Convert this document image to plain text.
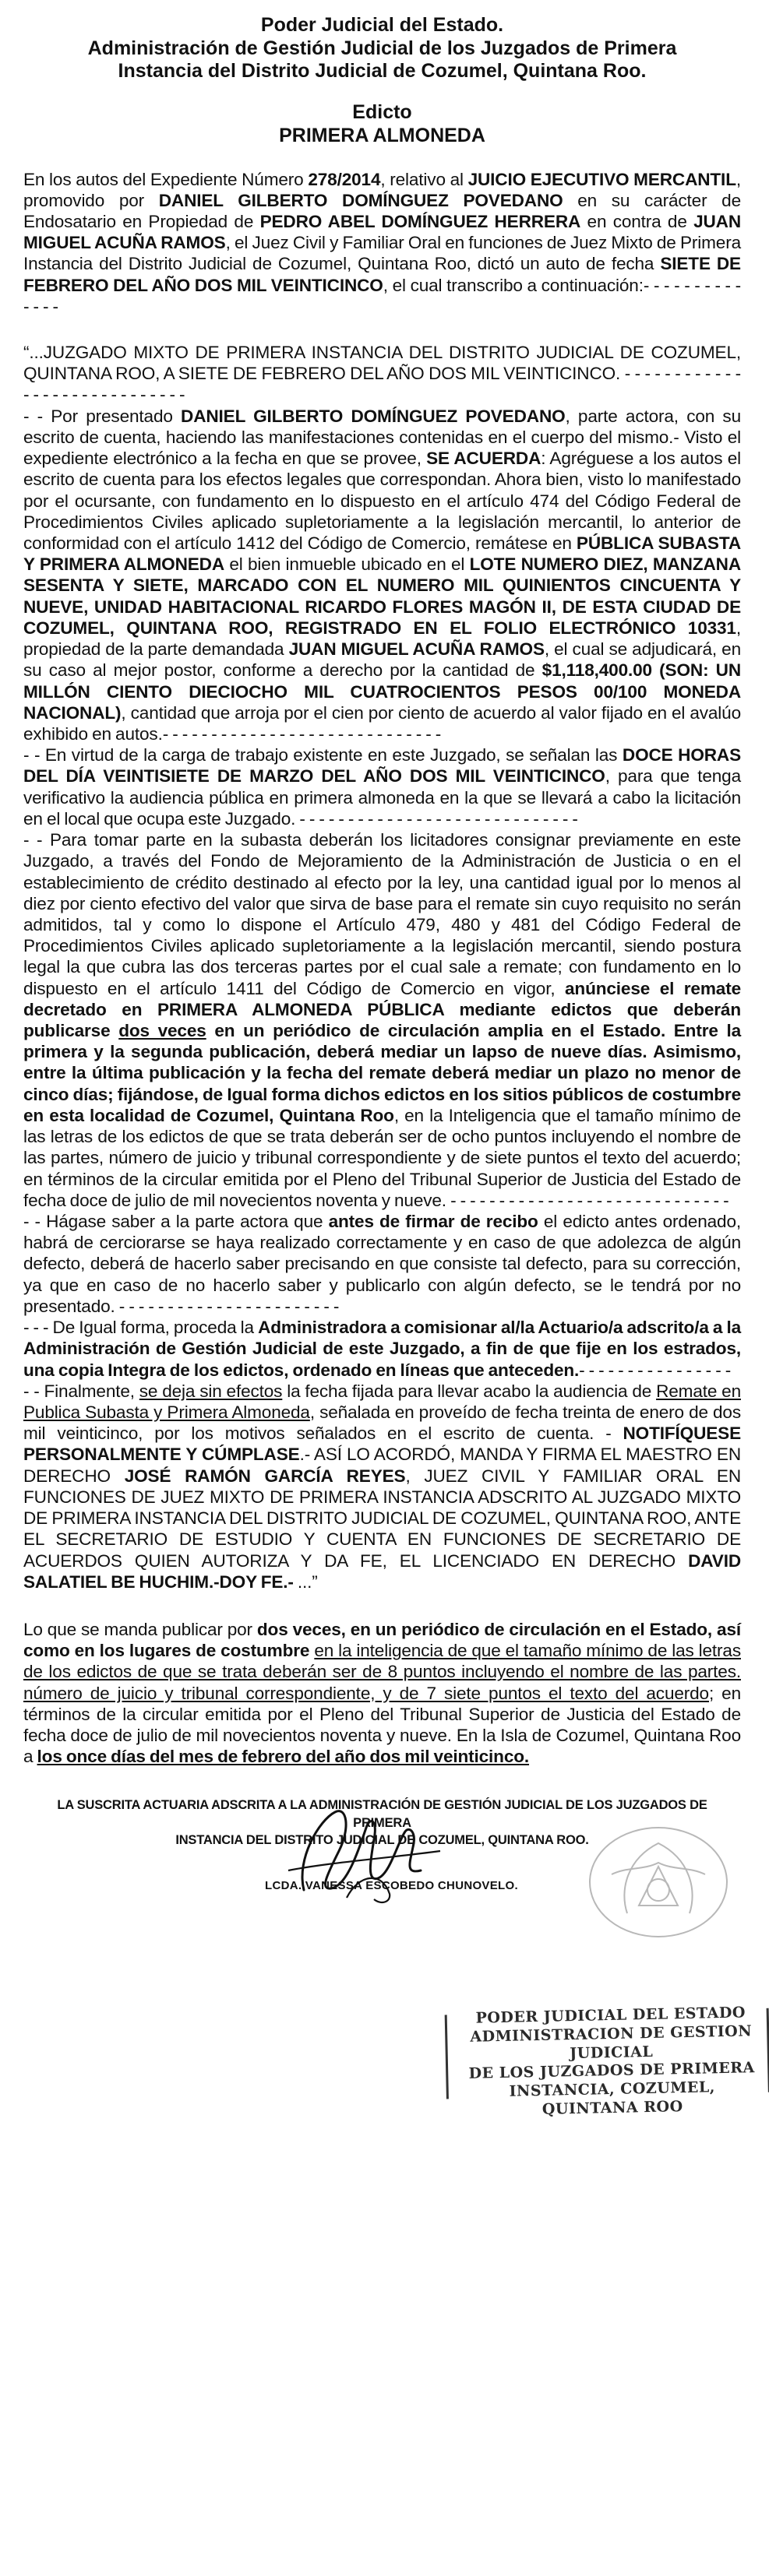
Poder Judicial del Estado.
Administración de Gestión Judicial de los Juzgados de Primera
Instancia del Distrito Judicial de Cozumel, Quintana Roo.
Edicto
PRIMERA ALMONEDA

En los autos del Expediente Número 278/2014, relativo al JUICIO EJECUTIVO MERCANTIL, promovido por DANIEL GILBERTO DOMÍNGUEZ POVEDANO en su carácter de Endosatario en Propiedad de PEDRO ABEL DOMÍNGUEZ HERRERA en contra de JUAN MIGUEL ACUÑA RAMOS, el Juez Civil y Familiar Oral en funciones de Juez Mixto de Primera Instancia del Distrito Judicial de Cozumel, Quintana Roo, dictó un auto de fecha SIETE DE FEBRERO DEL AÑO DOS MIL VEINTICINCO, el cual transcribo a continuación:- - - - - - - - - - - - - -

“...JUZGADO MIXTO DE PRIMERA INSTANCIA DEL DISTRITO JUDICIAL DE COZUMEL, QUINTANA ROO, A SIETE DE FEBRERO DEL AÑO DOS MIL VEINTICINCO. - - - - - - - - - - - - - - - - - - - - - - - - - - - - -

- - Por presentado DANIEL GILBERTO DOMÍNGUEZ POVEDANO, parte actora, con su escrito de cuenta, haciendo las manifestaciones contenidas en el cuerpo del mismo.- Visto el expediente electrónico a la fecha en que se provee, SE ACUERDA: Agréguese a los autos el escrito de cuenta para los efectos legales que correspondan. Ahora bien, visto lo manifestado por el ocursante, con fundamento en lo dispuesto en el artículo 474 del Código Federal de Procedimientos Civiles aplicado supletoriamente a la legislación mercantil, lo anterior de conformidad con el artículo 1412 del Código de Comercio, remátese en PÚBLICA SUBASTA Y PRIMERA ALMONEDA el bien inmueble ubicado en el LOTE NUMERO DIEZ, MANZANA SESENTA Y SIETE, MARCADO CON EL NUMERO MIL QUINIENTOS CINCUENTA Y NUEVE, UNIDAD HABITACIONAL RICARDO FLORES MAGÓN II, DE ESTA CIUDAD DE COZUMEL, QUINTANA ROO, REGISTRADO EN EL FOLIO ELECTRÓNICO 10331, propiedad de la parte demandada JUAN MIGUEL ACUÑA RAMOS, el cual se adjudicará, en su caso al mejor postor, conforme a derecho por la cantidad de $1,118,400.00 (SON: UN MILLÓN CIENTO DIECIOCHO MIL CUATROCIENTOS PESOS 00/100 MONEDA NACIONAL), cantidad que arroja por el cien por ciento de acuerdo al valor fijado en el avalúo exhibido en autos.- - - - - - - - - - - - - - - - - - - - - - - - - - - - -

- - En virtud de la carga de trabajo existente en este Juzgado, se señalan las DOCE HORAS DEL DÍA VEINTISIETE DE MARZO DEL AÑO DOS MIL VEINTICINCO, para que tenga verificativo la audiencia pública en primera almoneda en la que se llevará a cabo la licitación en el local que ocupa este Juzgado. - - - - - - - - - - - - - - - - - - - - - - - - - - - - -

- - Para tomar parte en la subasta deberán los licitadores consignar previamente en este Juzgado, a través del Fondo de Mejoramiento de la Administración de Justicia o en el establecimiento de crédito destinado al efecto por la ley, una cantidad igual por lo menos al diez por ciento efectivo del valor que sirva de base para el remate sin cuyo requisito no serán admitidos, tal y como lo dispone el Artículo 479, 480 y 481 del Código Federal de Procedimientos Civiles aplicado supletoriamente a la legislación mercantil, siendo postura legal la que cubra las dos terceras partes por el cual sale a remate; con fundamento en lo dispuesto en el artículo 1411 del Código de Comercio en vigor, anúnciese el remate decretado en PRIMERA ALMONEDA PÚBLICA mediante edictos que deberán publicarse dos veces en un periódico de circulación amplia en el Estado. Entre la primera y la segunda publicación, deberá mediar un lapso de nueve días. Asimismo, entre la última publicación y la fecha del remate deberá mediar un plazo no menor de cinco días; fijándose, de Igual forma dichos edictos en los sitios públicos de costumbre en esta localidad de Cozumel, Quintana Roo, en la Inteligencia que el tamaño mínimo de las letras de los edictos de que se trata deberán ser de ocho puntos incluyendo el nombre de las partes, número de juicio y tribunal correspondiente y de siete puntos el texto del acuerdo; en términos de la circular emitida por el Pleno del Tribunal Superior de Justicia del Estado de fecha doce de julio de mil novecientos noventa y nueve. - - - - - - - - - - - - - - - - - - - - - - - - - - - - -

- - Hágase saber a la parte actora que antes de firmar de recibo el edicto antes ordenado, habrá de cerciorarse se haya realizado correctamente y en caso de que adolezca de algún defecto, deberá de hacerlo saber precisando en que consiste tal defecto, para su corrección, ya que en caso de no hacerlo saber y publicarlo con algún defecto, se le tendrá por no presentado. - - - - - - - - - - - - - - - - - - - - - - -

- - - De Igual forma, proceda la Administradora a comisionar al/la Actuario/a adscrito/a a la Administración de Gestión Judicial de este Juzgado, a fin de que fije en los estrados, una copia Integra de los edictos, ordenado en líneas que anteceden.- - - - - - - - - - - - - - - -

- - Finalmente, se deja sin efectos la fecha fijada para llevar acabo la audiencia de Remate en Publica Subasta y Primera Almoneda, señalada en proveído de fecha treinta de enero de dos mil veinticinco, por los motivos señalados en el escrito de cuenta. - NOTIFÍQUESE PERSONALMENTE Y CÚMPLASE.- ASÍ LO ACORDÓ, MANDA Y FIRMA EL MAESTRO EN DERECHO JOSÉ RAMÓN GARCÍA REYES, JUEZ CIVIL Y FAMILIAR ORAL EN FUNCIONES DE JUEZ MIXTO DE PRIMERA INSTANCIA ADSCRITO AL JUZGADO MIXTO DE PRIMERA INSTANCIA DEL DISTRITO JUDICIAL DE COZUMEL, QUINTANA ROO, ANTE EL SECRETARIO DE ESTUDIO Y CUENTA EN FUNCIONES DE SECRETARIO DE ACUERDOS QUIEN AUTORIZA Y DA FE, EL LICENCIADO EN DERECHO DAVID SALATIEL BE HUCHIM.-DOY FE.- ...”

Lo que se manda publicar por dos veces, en un periódico de circulación en el Estado, así como en los lugares de costumbre en la inteligencia de que el tamaño mínimo de las letras de los edictos de que se trata deberán ser de 8 puntos incluyendo el nombre de las partes. número de juicio y tribunal correspondiente, y de 7 siete puntos el texto del acuerdo; en términos de la circular emitida por el Pleno del Tribunal Superior de Justicia del Estado de fecha doce de julio de mil novecientos noventa y nueve. En la Isla de Cozumel, Quintana Roo a los once días del mes de febrero del año dos mil veinticinco.

LA SUSCRITA ACTUARIA ADSCRITA A LA ADMINISTRACIÓN DE GESTIÓN JUDICIAL DE LOS JUZGADOS DE PRIMERA
INSTANCIA DEL DISTRITO JUDICIAL DE COZUMEL, QUINTANA ROO.
LCDA. VANESSA ESCOBEDO CHUNOVELO.
PODER JUDICIAL DEL ESTADO
ADMINISTRACION DE GESTION JUDICIAL
DE LOS JUZGADOS DE PRIMERA
INSTANCIA, COZUMEL, QUINTANA ROO
